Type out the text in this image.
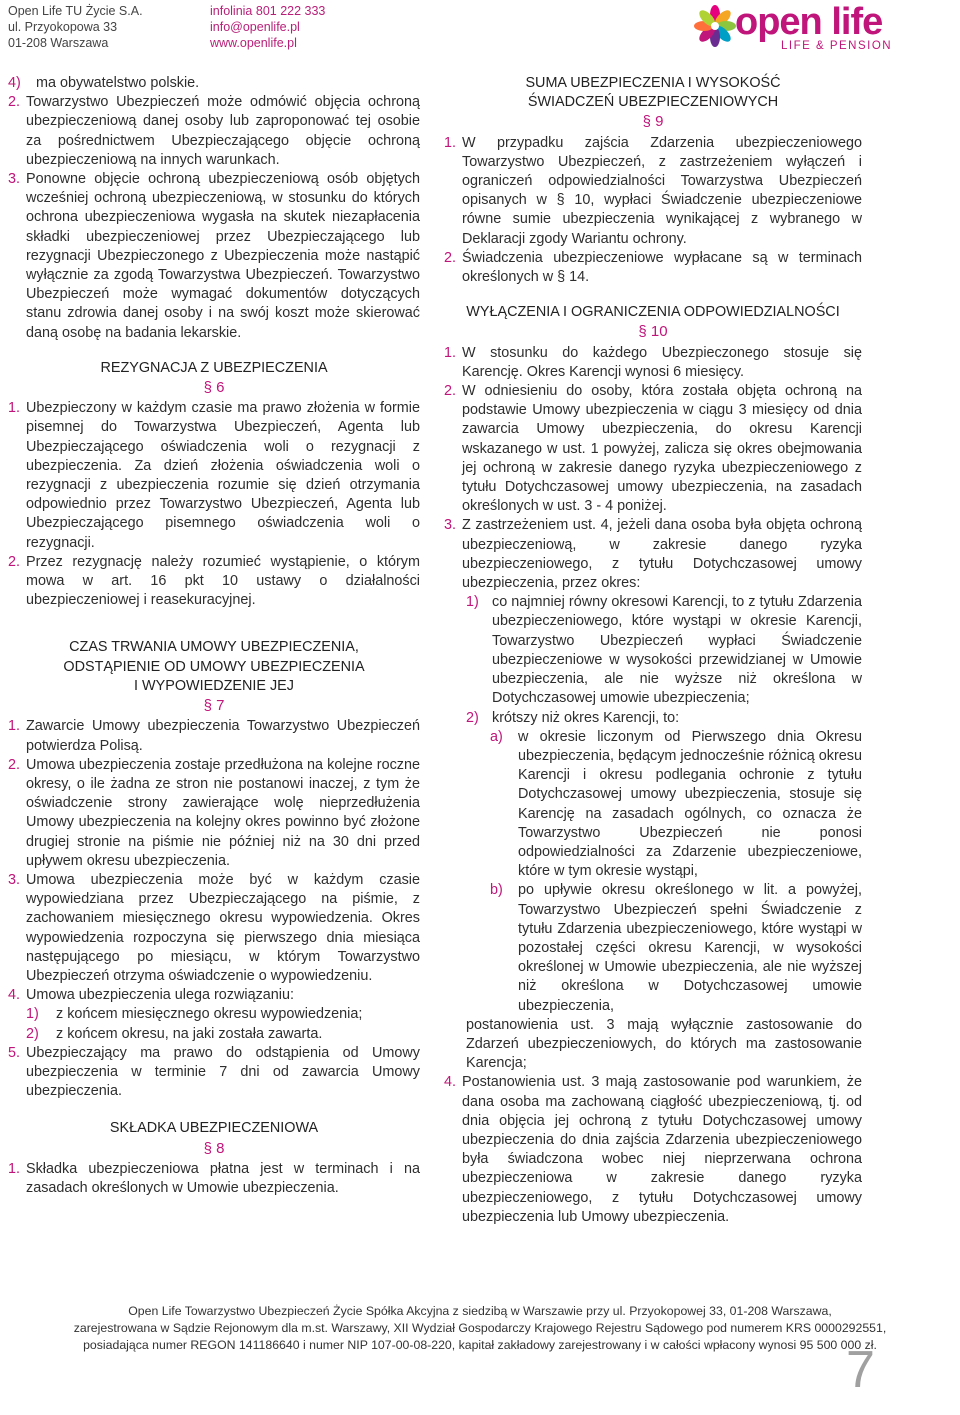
Open Life TU Życie S.A.
ul. Przyokopowa 33
01-208 Warszawa
infolinia 801 222 333
info@openlife.pl
www.openlife.pl	open life
LIFE & PENSION
4) ma obywatelstwo polskie.
2. Towarzystwo Ubezpieczeń może odmówić objęcia ochroną ubezpieczeniową danej osoby lub zaproponować tej osobie za pośrednictwem Ubezpieczającego objęcie ochroną ubezpieczeniową na innych warunkach.
3. Ponowne objęcie ochroną ubezpieczeniową osób objętych wcześniej ochroną ubezpieczeniową, w stosunku do których ochrona ubezpieczeniowa wygasła na skutek niezapłacenia składki ubezpieczeniowej przez Ubezpieczającego lub rezygnacji Ubezpieczonego z Ubezpieczenia może nastąpić wyłącznie za zgodą Towarzystwa Ubezpieczeń. Towarzystwo Ubezpieczeń może wymagać dokumentów dotyczących stanu zdrowia danej osoby i na swój koszt może skierować daną osobę na badania lekarskie.
REZYGNACJA Z UBEZPIECZENIA
§ 6
1. Ubezpieczony w każdym czasie ma prawo złożenia w formie pisemnej do Towarzystwa Ubezpieczeń, Agenta lub Ubezpieczającego oświadczenia woli o rezygnacji z ubezpieczenia. Za dzień złożenia oświadczenia woli o rezygnacji z ubezpieczenia rozumie się dzień otrzymania odpowiednio przez Towarzystwo Ubezpieczeń, Agenta lub Ubezpieczającego pisemnego oświadczenia woli o rezygnacji.
2. Przez rezygnację należy rozumieć wystąpienie, o którym mowa w art. 16 pkt 10 ustawy o działalności ubezpieczeniowej i reasekuracyjnej.
CZAS TRWANIA UMOWY UBEZPIECZENIA,
ODSTĄPIENIE OD UMOWY UBEZPIECZENIA
I WYPOWIEDZENIE JEJ
§ 7
1. Zawarcie Umowy ubezpieczenia Towarzystwo Ubezpieczeń potwierdza Polisą.
2. Umowa ubezpieczenia zostaje przedłużona na kolejne roczne okresy, o ile żadna ze stron nie postanowi inaczej, z tym że oświadczenie strony zawierające wolę nieprzedłużenia Umowy ubezpieczenia na kolejny okres powinno być złożone drugiej stronie na piśmie nie później niż na 30 dni przed upływem okresu ubezpieczenia.
3. Umowa ubezpieczenia może być w każdym czasie wypowiedziana przez Ubezpieczającego na piśmie, z zachowaniem miesięcznego okresu wypowiedzenia. Okres wypowiedzenia rozpoczyna się pierwszego dnia miesiąca następującego po miesiącu, w którym Towarzystwo Ubezpieczeń otrzyma oświadczenie o wypowiedzeniu.
4. Umowa ubezpieczenia ulega rozwiązaniu:
1) z końcem miesięcznego okresu wypowiedzenia;
2) z końcem okresu, na jaki została zawarta.
5. Ubezpieczający ma prawo do odstąpienia od Umowy ubezpieczenia w terminie 7 dni od zawarcia Umowy ubezpieczenia.
SKŁADKA UBEZPIECZENIOWA
§ 8
1. Składka ubezpieczeniowa płatna jest w terminach i na zasadach określonych w Umowie ubezpieczenia.
SUMA UBEZPIECZENIA I WYSOKOŚĆ
ŚWIADCZEŃ UBEZPIECZENIOWYCH
§ 9
1. W przypadku zajścia Zdarzenia ubezpieczeniowego Towarzystwo Ubezpieczeń, z zastrzeżeniem wyłączeń i ograniczeń odpowiedzialności Towarzystwa Ubezpieczeń opisanych w § 10, wypłaci Świadczenie ubezpieczeniowe równe sumie ubezpieczenia wynikającej z wybranego w Deklaracji zgody Wariantu ochrony.
2. Świadczenia ubezpieczeniowe wypłacane są w terminach określonych w § 14.
WYŁĄCZENIA I OGRANICZENIA ODPOWIEDZIALNOŚCI
§ 10
1. W stosunku do każdego Ubezpieczonego stosuje się Karencję. Okres Karencji wynosi 6 miesięcy.
2. W odniesieniu do osoby, która została objęta ochroną na podstawie Umowy ubezpieczenia w ciągu 3 miesięcy od dnia zawarcia Umowy ubezpieczenia, do okresu Karencji wskazanego w ust. 1 powyżej, zalicza się okres obejmowania jej ochroną w zakresie danego ryzyka ubezpieczeniowego z tytułu Dotychczasowej umowy ubezpieczenia, na zasadach określonych w ust. 3 - 4 poniżej.
3. Z zastrzeżeniem ust. 4, jeżeli dana osoba była objęta ochroną ubezpieczeniową, w zakresie danego ryzyka ubezpieczeniowego, z tytułu Dotychczasowej umowy ubezpieczenia, przez okres:
1) co najmniej równy okresowi Karencji, to z tytułu Zdarzenia ubezpieczeniowego, które wystąpi w okresie Karencji, Towarzystwo Ubezpieczeń wypłaci Świadczenie ubezpieczeniowe w wysokości przewidzianej w Umowie ubezpieczenia, ale nie wyższe niż określona w Dotychczasowej umowie ubezpieczenia;
2) krótszy niż okres Karencji, to:
a) w okresie liczonym od Pierwszego dnia Okresu ubezpieczenia, będącym jednocześnie różnicą okresu Karencji i okresu podlegania ochronie z tytułu Dotychczasowej umowy ubezpieczenia, stosuje się Karencję na zasadach ogólnych, co oznacza że Towarzystwo Ubezpieczeń nie ponosi odpowiedzialności za Zdarzenie ubezpieczeniowe, które w tym okresie wystąpi,
b) po upływie okresu określonego w lit. a powyżej, Towarzystwo Ubezpieczeń spełni Świadczenie z tytułu Zdarzenia ubezpieczeniowego, które wystąpi w pozostałej części okresu Karencji, w wysokości określonej w Umowie ubezpieczenia, ale nie wyższej niż określona w Dotychczasowej umowie ubezpieczenia,
postanowienia ust. 3 mają wyłącznie zastosowanie do Zdarzeń ubezpieczeniowych, do których ma zastosowanie Karencja;
4. Postanowienia ust. 3 mają zastosowanie pod warunkiem, że dana osoba ma zachowaną ciągłość ubezpieczeniową, tj. od dnia objęcia jej ochroną z tytułu Dotychczasowej umowy ubezpieczenia do dnia zajścia Zdarzenia ubezpieczeniowego była świadczona wobec niej nieprzerwana ochrona ubezpieczeniowa w zakresie danego ryzyka ubezpieczeniowego, z tytułu Dotychczasowej umowy ubezpieczenia lub Umowy ubezpieczenia.
Open Life Towarzystwo Ubezpieczeń Życie Spółka Akcyjna z siedzibą w Warszawie przy ul. Przyokopowej 33, 01-208 Warszawa,
zarejestrowana w Sądzie Rejonowym dla m.st. Warszawy, XII Wydział Gospodarczy Krajowego Rejestru Sądowego pod numerem KRS 0000292551,
posiadająca numer REGON 141186640 i numer NIP 107-00-08-220, kapitał zakładowy zarejestrowany i w całości wpłacony wynosi 95 500 000 zł.
7
